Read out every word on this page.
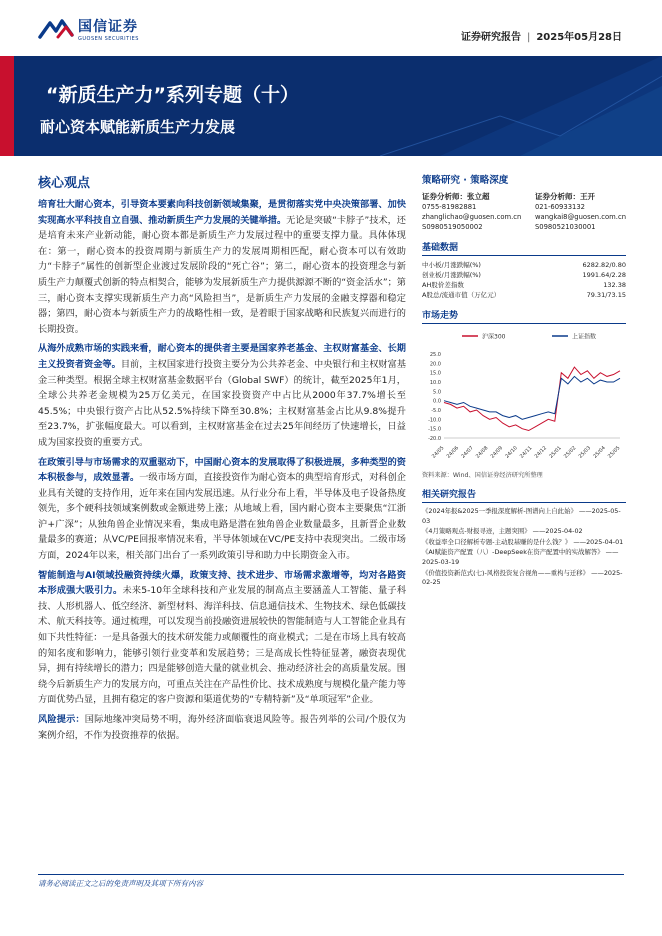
国信证券
GUOSEN SECURITIES	证券研究报告 | 2025年05月28日
“新质生产力”系列专题（十）
耐心资本赋能新质生产力发展
核心观点

培育壮大耐心资本，引导资本要素向科技创新领域集聚，是贯彻落实党中央决策部署、加快实现高水平科技自立自强、推动新质生产力发展的关键举措。无论是突破“卡脖子”技术，还是培育未来产业新动能，耐心资本都是新质生产力发展过程中的重要支撑力量。具体体现在：第一，耐心资本的投资周期与新质生产力的发展周期相匹配，耐心资本可以有效助力“卡脖子”属性的创新型企业渡过发展阶段的“死亡谷”；第二，耐心资本的投资理念与新质生产力颠覆式创新的特点相契合，能够为发展新质生产力提供源源不断的“资金活水”；第三，耐心资本支撑实现新质生产力高“风险担当”，是新质生产力发展的金融支撑器和稳定器；第四，耐心资本与新质生产力的战略性相一致，是着眼于国家战略和民族复兴而进行的长期投资。

从海外成熟市场的实践来看，耐心资本的提供者主要是国家养老基金、主权财富基金、长期主义投资者资金等。目前，主权国家进行投资主要分为公共养老金、中央银行和主权财富基金三种类型。根据全球主权财富基金数据平台（Global SWF）的统计，截至2025年1月，全球公共养老金规模为25万亿美元，在国家投资资产中占比从2000年37.7%增长至45.5%；中央银行资产占比从52.5%持续下降至30.8%；主权财富基金占比从9.8%提升至23.7%，扩张幅度最大。可以看到，主权财富基金在过去25年间经历了快速增长，日益成为国家投资的重要方式。

在政策引导与市场需求的双重驱动下，中国耐心资本的发展取得了积极进展，多种类型的资本积极参与，成效显著。一级市场方面，直接投资作为耐心资本的典型培育形式，对科创企业具有关键的支持作用，近年来在国内发展迅速。从行业分布上看，半导体及电子设备热度领先，多个硬科技领域案例数或金额进势上涨；从地域上看，国内耐心资本主要聚焦“江浙沪+广深”；从独角兽企业情况来看，集成电路是潜在独角兽企业数量最多，且新晋企业数量最多的赛道；从VC/PE回报率情况来看，半导体领域在VC/PE支持中表现突出。二级市场方面，2024年以来，相关部门出台了一系列政策引导和助力中长期资金入市。

智能制造与AI领域投融资持续火爆，政策支持、技术进步、市场需求激增等，均对各路资本形成强大吸引力。未来5-10年全球科技和产业发展的制高点主要涵盖人工智能、量子科技、人形机器人、低空经济、新型材料、海洋科技、信息通信技术、生物技术、绿色低碳技术、航天科技等。通过梳理，可以发现当前投融资进展较快的智能制造与人工智能企业具有如下共性特征：一是具备强大的技术研发能力或颠覆性的商业模式；二是在市场上具有较高的知名度和影响力，能够引领行业变革和发展趋势；三是高成长性特征显著，融资表现优异，拥有持续增长的潜力；四是能够创造大量的就业机会、推动经济社会的高质量发展。围绕今后新质生产力的发展方向，可重点关注在产品性价比、技术成熟度与规模化量产能力等方面优势凸显，且拥有稳定的客户资源和渠道优势的“专精特新”及“单项冠军”企业。

风险提示：国际地缘冲突局势不明，海外经济面临衰退风险等。报告列举的公司/个股仅为案例介绍，不作为投资推荐的依据。

策略研究 · 策略深度
证券分析师：张立超
0755-81982881
zhanglichao@guosen.com.cn
S0980519050002
证券分析师：王开
021-60933132
wangkai8@guosen.com.cn
S0980521030001
基础数据
中小板/月涨跌幅(%)	6282.82/0.80
创业板/月涨跌幅(%)	1991.64/2.28
AH股价差指数	132.38
A股总/流通市值（万亿元）	79.31/73.15
市场走势
沪深300	上证指数
25.0
20.0
15.0
10.0
5.0
0.0
-5.0
-10.0
-15.0
-20.0
24/05 24/06 24/07 24/08 24/09 24/10 24/11 24/12 25/01 25/02 25/03 25/04 25/05
资料来源：Wind、国信证券经济研究所整理
相关研究报告
《2024年报&2025一季报深度解析-图谱向上自此始》 ——2025-05-03
《4月策略观点-财报寻迹，主题突围》 ——2025-04-02
《收益率全口径解析专题-主动股基赚的是什么钱？》 ——2025-04-01
《AI赋能资产配置（八）-DeepSeek在资产配置中的实战解答》 ——2025-03-19
《价值投资新范式(七)-风格投资复合视角——重构与迁移》 ——2025-02-25
请务必阅读正文之后的免责声明及其项下所有内容
